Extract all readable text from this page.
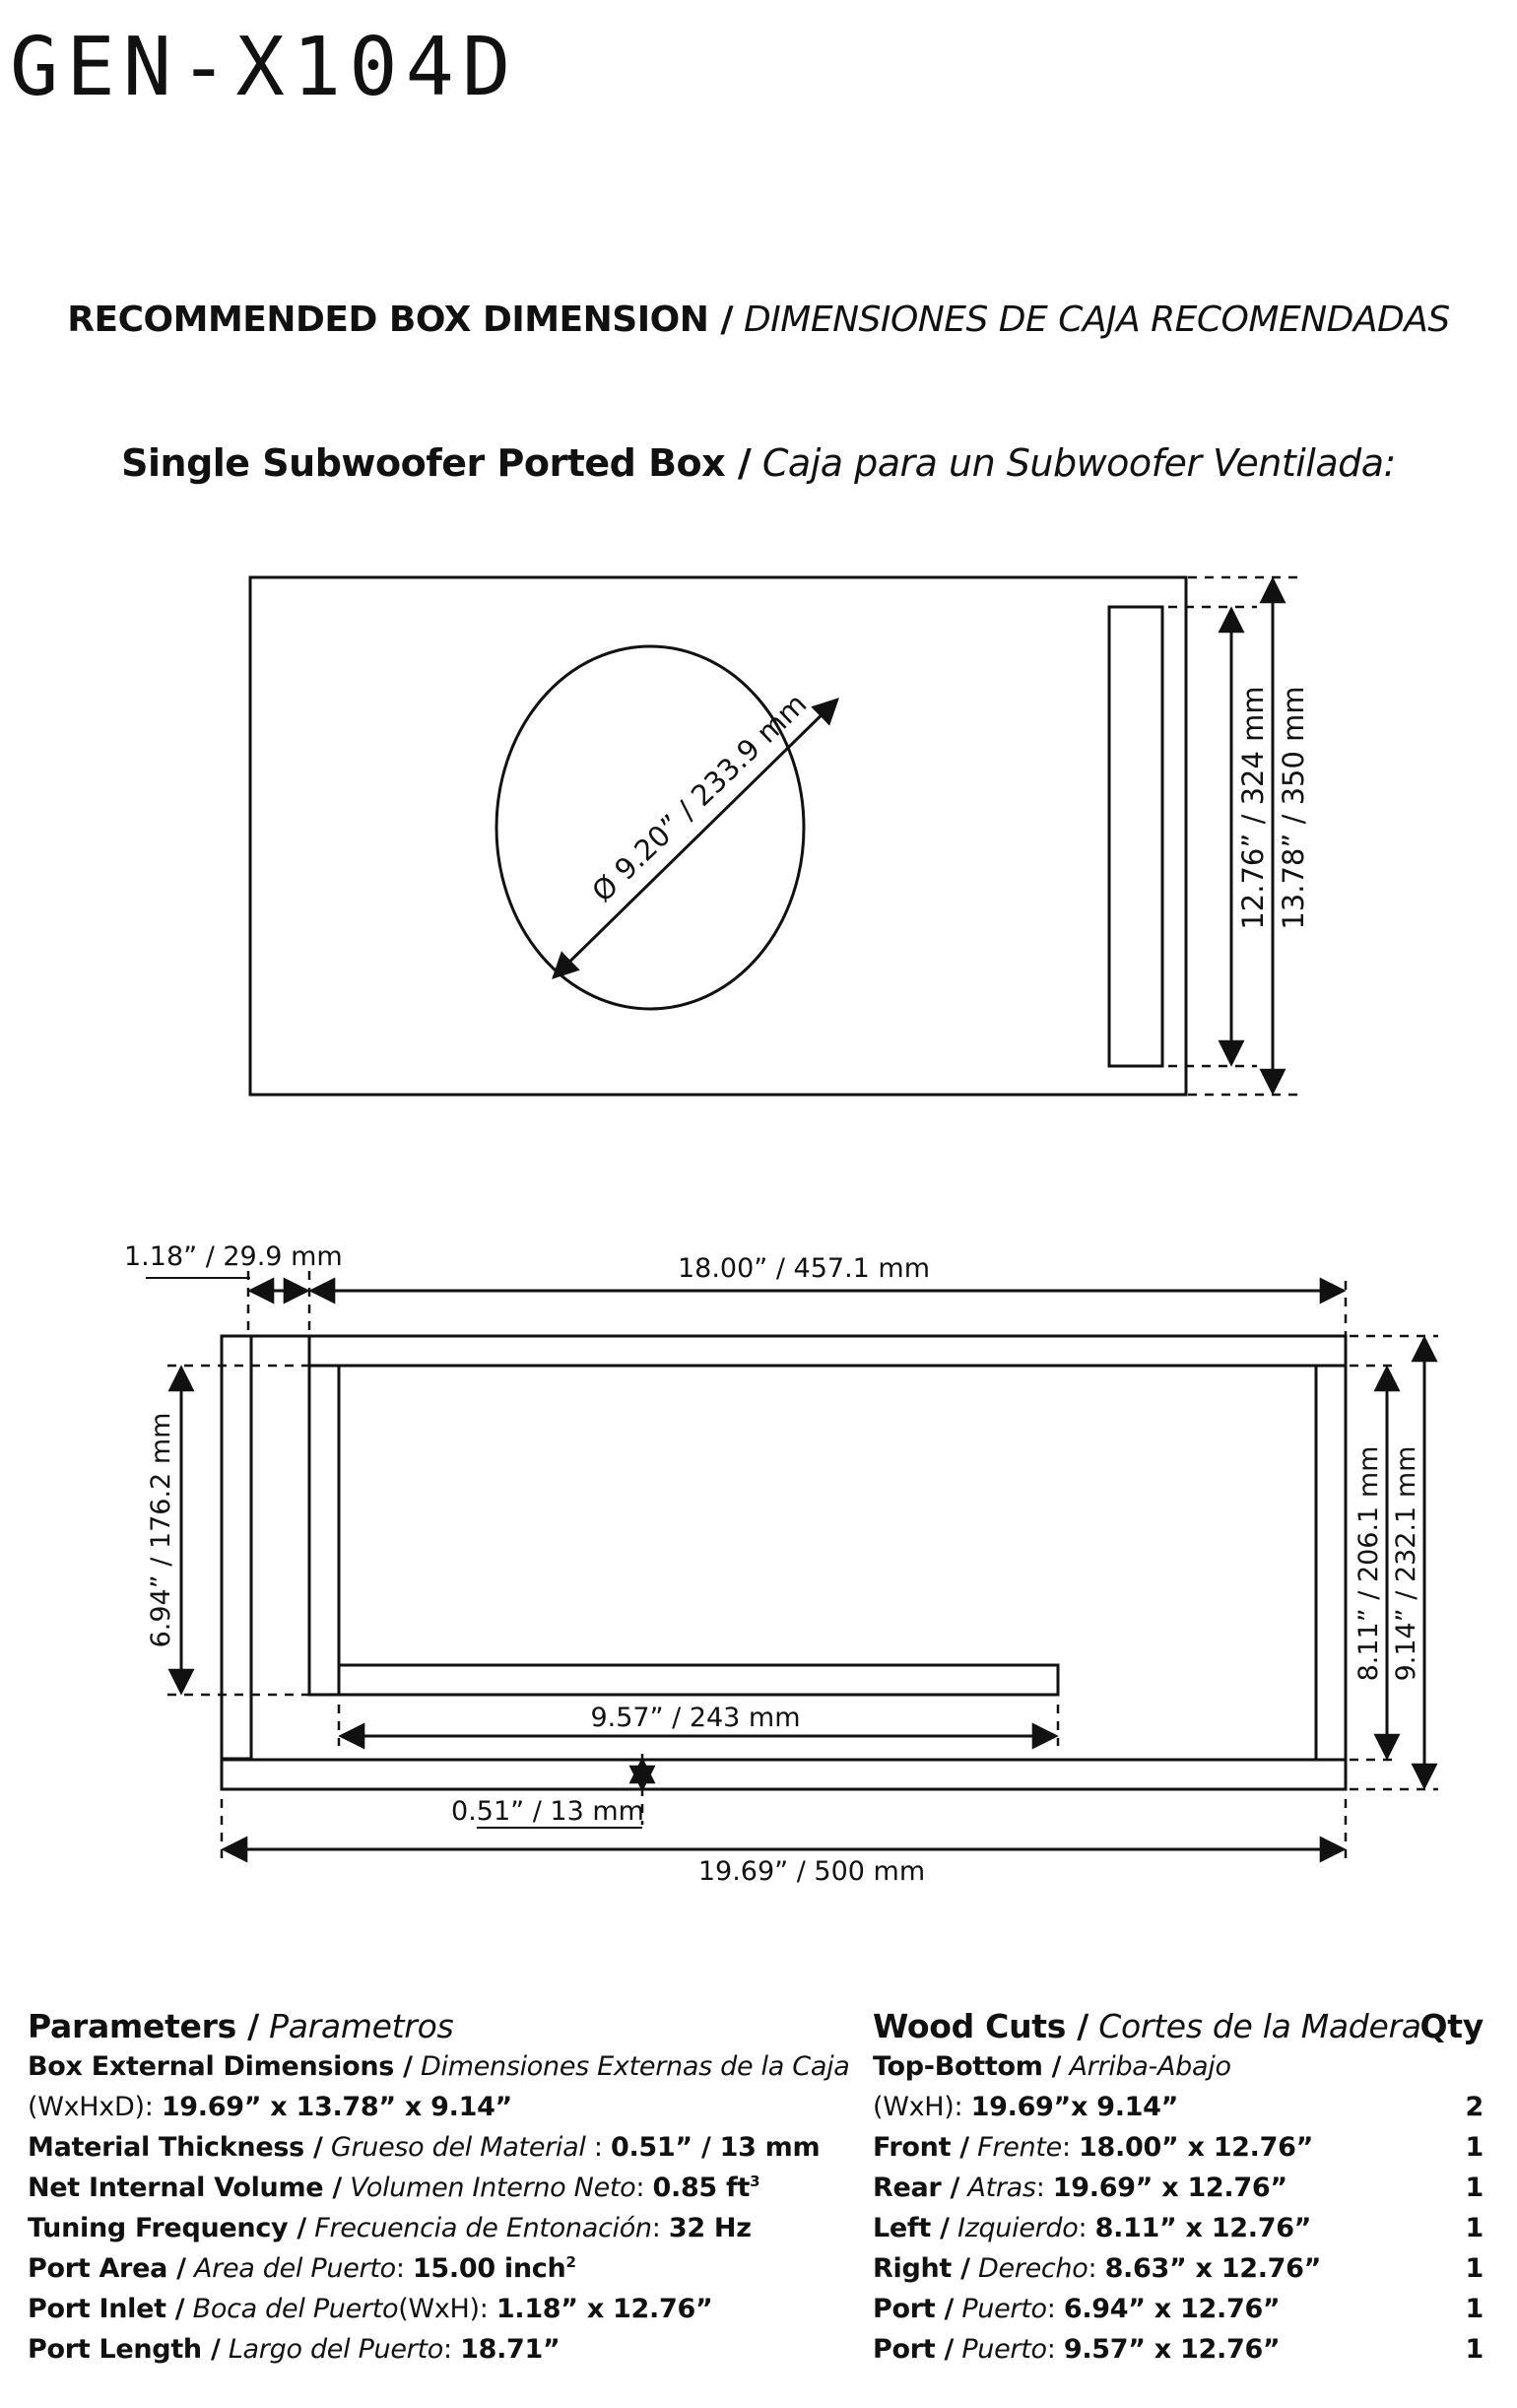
GEN-X104D
RECOMMENDED BOX DIMENSION / DIMENSIONES DE CAJA RECOMENDADAS
Single Subwoofer Ported Box / Caja para un Subwoofer Ventilada:
Ø 9.20” / 233.9 mm	12.76” / 324 mm 13.78” / 350 mm
1.18” / 29.9 mm	18.00” / 457.1 mm
6.94” / 176.2 mm	8.11” / 206.1 mm 9.14” / 232.1 mm
9.57” / 243 mm
0.51” / 13 mm
19.69” / 500 mm
Parameters / Parametros
Box External Dimensions / Dimensiones Externas de la Caja
(WxHxD): 19.69” x 13.78” x 9.14”
Material Thickness / Grueso del Material : 0.51” / 13 mm
Net Internal Volume / Volumen Interno Neto: 0.85 $ft^3$
Tuning Frequency / Frecuencia de Entonación: 32 Hz
Port Area / Area del Puerto: 15.00 inch$^2$
Port Inlet / Boca del Puerto(WxH): 1.18” x 12.76”
Port Length / Largo del Puerto: 18.71”
Wood Cuts / Cortes de la Madera
Qty
Top-Bottom / Arriba-Abajo
(WxH): 19.69”x 9.14”	2
Front / Frente: 18.00” x 12.76”	1
Rear / Atras: 19.69” x 12.76”	1
Left / Izquierdo: 8.11” x 12.76”	1
Right / Derecho: 8.63” x 12.76”	1
Port / Puerto: 6.94” x 12.76”	1
Port / Puerto: 9.57” x 12.76”	1
